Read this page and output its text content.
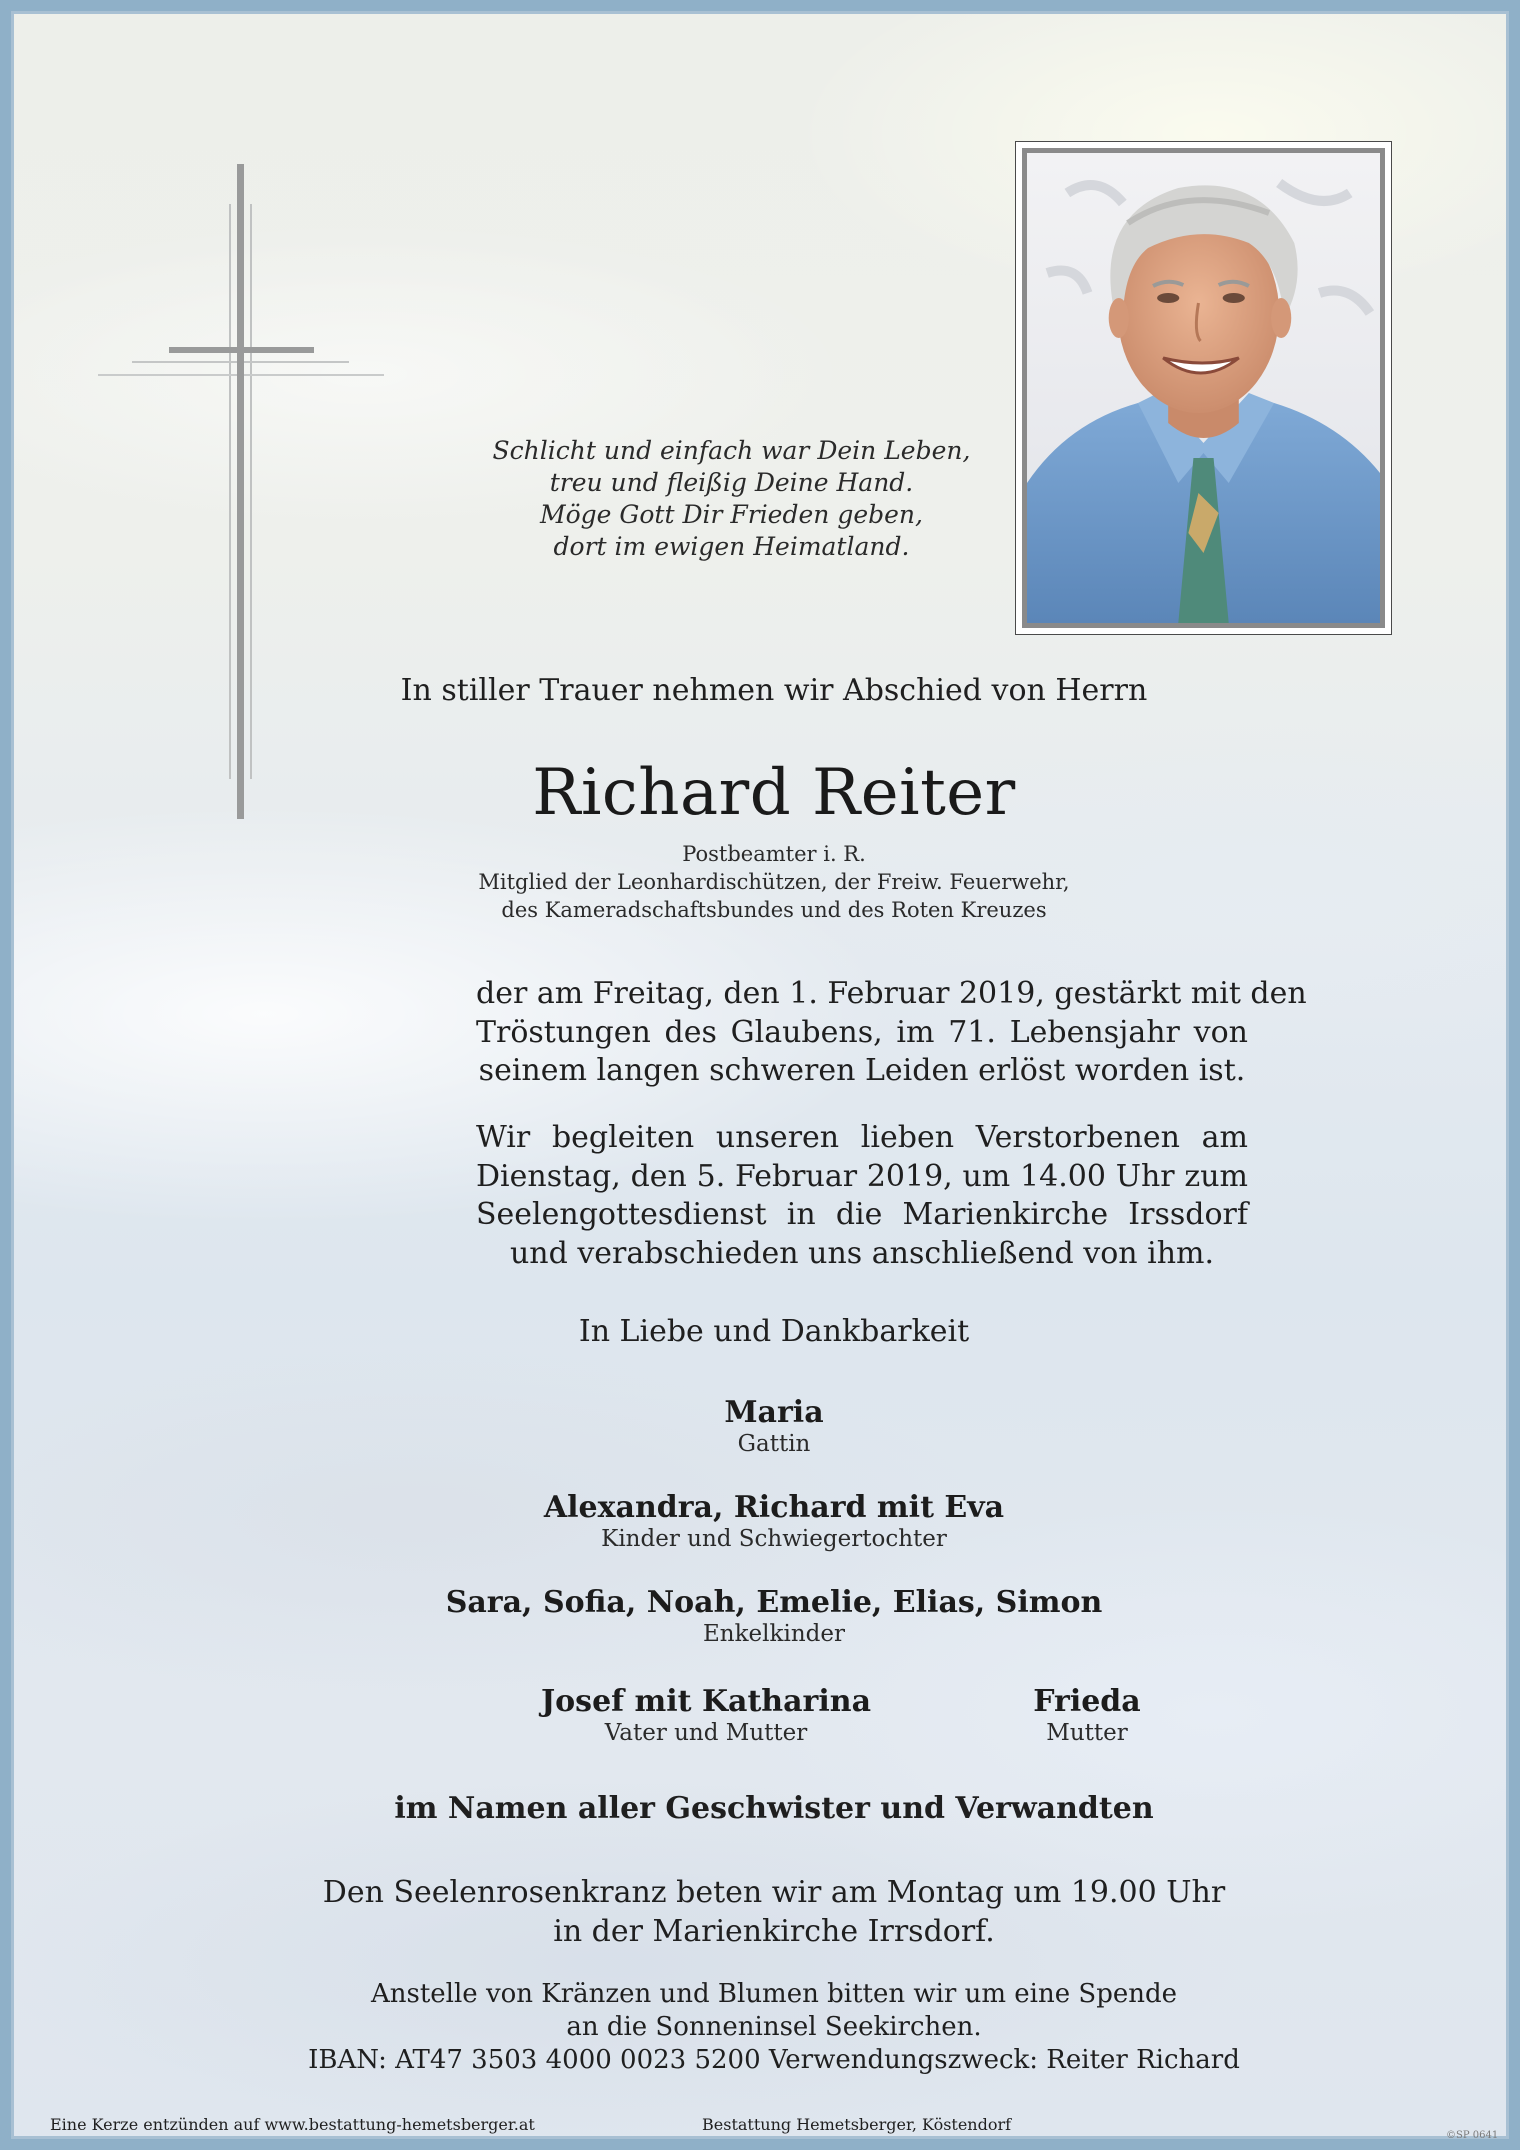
Schlicht und einfach war Dein Leben,
treu und fleißig Deine Hand.
Möge Gott Dir Frieden geben,
dort im ewigen Heimatland.
In stiller Trauer nehmen wir Abschied von Herrn
Richard Reiter
Postbeamter i. R.
Mitglied der Leonhardischützen, der Freiw. Feuerwehr,
des Kameradschaftsbundes und des Roten Kreuzes
der am Freitag, den 1. Februar 2019, gestärkt mit den
Tröstungen des Glaubens, im 71. Lebensjahr von
seinem langen schweren Leiden erlöst worden ist.
Wir begleiten unseren lieben Verstorbenen am
Dienstag, den 5. Februar 2019, um 14.00 Uhr zum
Seelengottesdienst in die Marienkirche Irssdorf
und verabschieden uns anschließend von ihm.
In Liebe und Dankbarkeit
Maria
Gattin
Alexandra, Richard mit Eva
Kinder und Schwiegertochter
Sara, Sofia, Noah, Emelie, Elias, Simon
Enkelkinder
Josef mit Katharina
Vater und Mutter
Frieda
Mutter
im Namen aller Geschwister und Verwandten
Den Seelenrosenkranz beten wir am Montag um 19.00 Uhr
in der Marienkirche Irrsdorf.
Anstelle von Kränzen und Blumen bitten wir um eine Spende
an die Sonneninsel Seekirchen.
IBAN: AT47 3503 4000 0023 5200 Verwendungszweck: Reiter Richard
Eine Kerze entzünden auf www.bestattung-hemetsberger.at	Bestattung Hemetsberger, Köstendorf
©SP 0641
